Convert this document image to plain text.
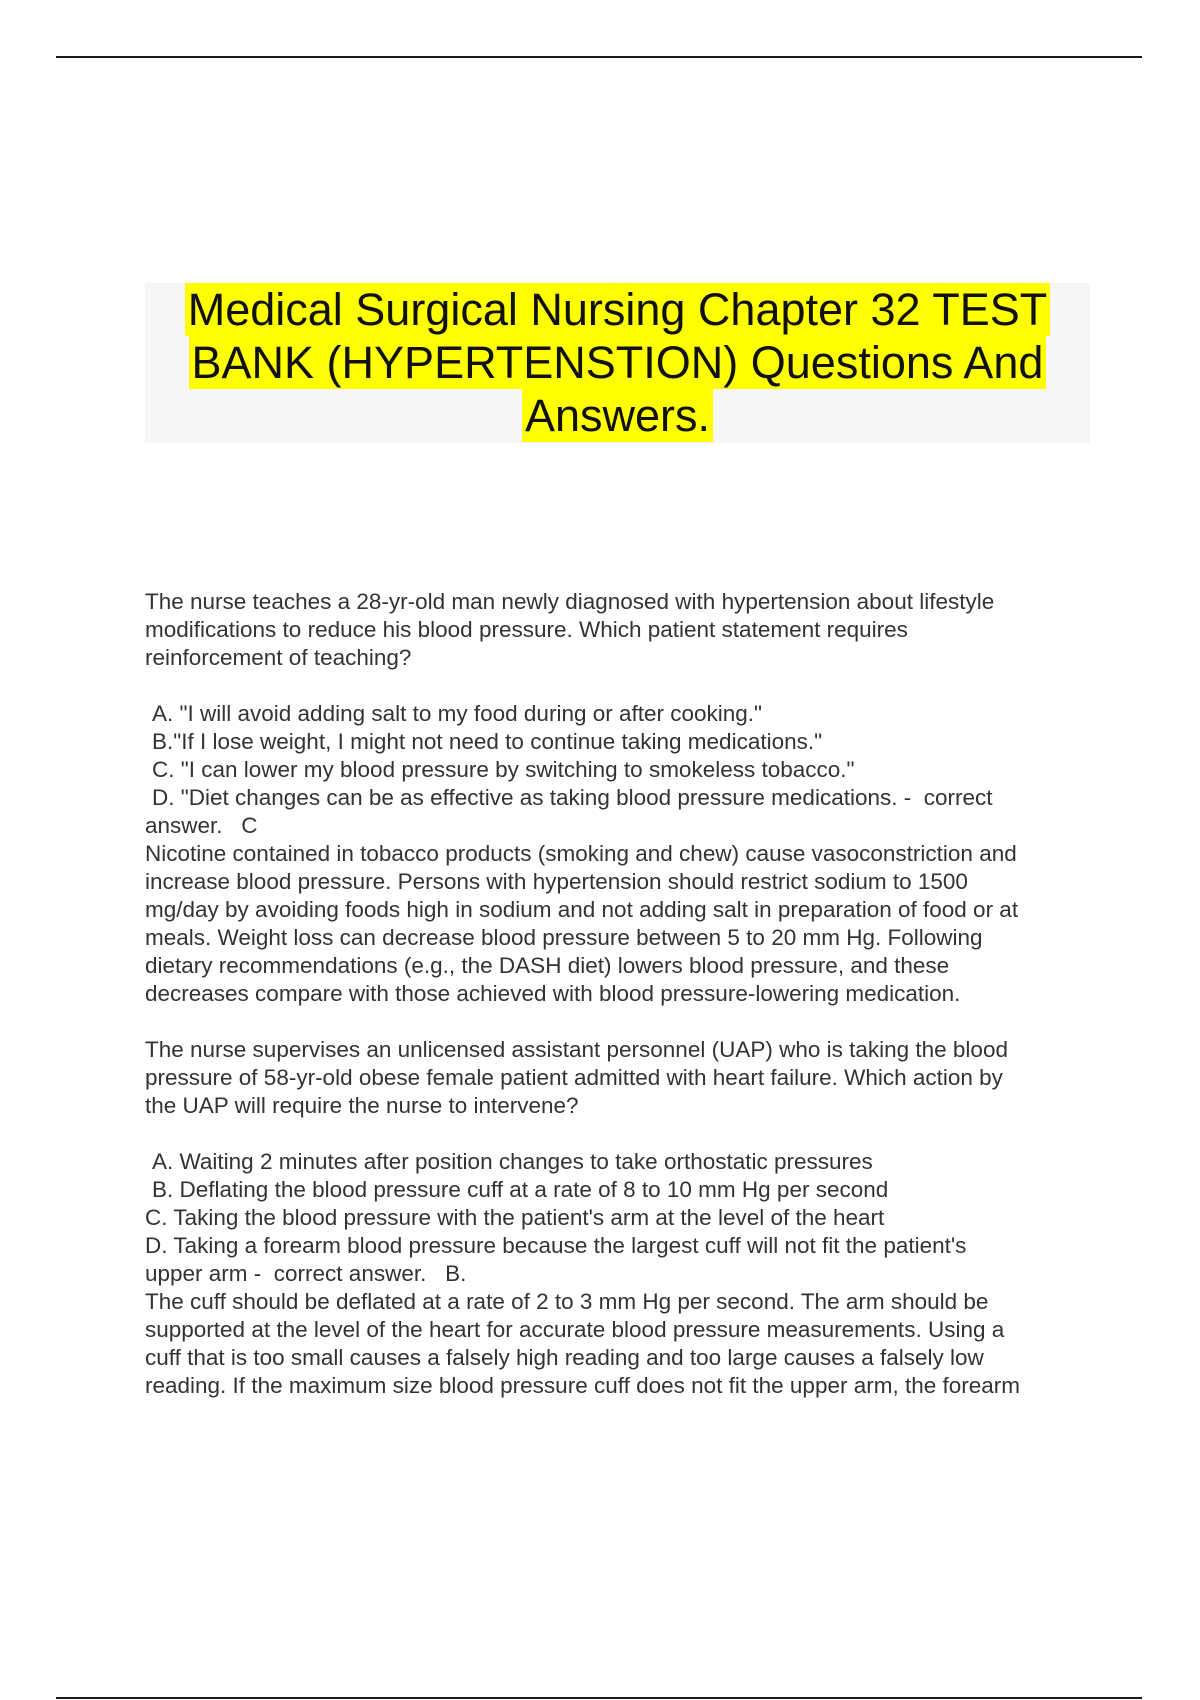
Medical Surgical Nursing Chapter 32 TEST
BANK (HYPERTENSTION) Questions And
Answers.

The nurse teaches a 28-yr-old man newly diagnosed with hypertension about lifestyle

modifications to reduce his blood pressure. Which patient statement requires

reinforcement of teaching?

A. "I will avoid adding salt to my food during or after cooking."

B."If I lose weight, I might not need to continue taking medications."

C. "I can lower my blood pressure by switching to smokeless tobacco."

D. "Diet changes can be as effective as taking blood pressure medications. -  correct

answer.   C

Nicotine contained in tobacco products (smoking and chew) cause vasoconstriction and

increase blood pressure. Persons with hypertension should restrict sodium to 1500

mg/day by avoiding foods high in sodium and not adding salt in preparation of food or at

meals. Weight loss can decrease blood pressure between 5 to 20 mm Hg. Following

dietary recommendations (e.g., the DASH diet) lowers blood pressure, and these

decreases compare with those achieved with blood pressure-lowering medication.

The nurse supervises an unlicensed assistant personnel (UAP) who is taking the blood

pressure of 58-yr-old obese female patient admitted with heart failure. Which action by

the UAP will require the nurse to intervene?

A. Waiting 2 minutes after position changes to take orthostatic pressures

B. Deflating the blood pressure cuff at a rate of 8 to 10 mm Hg per second

C. Taking the blood pressure with the patient's arm at the level of the heart

D. Taking a forearm blood pressure because the largest cuff will not fit the patient's

upper arm -  correct answer.   B.

The cuff should be deflated at a rate of 2 to 3 mm Hg per second. The arm should be

supported at the level of the heart for accurate blood pressure measurements. Using a

cuff that is too small causes a falsely high reading and too large causes a falsely low

reading. If the maximum size blood pressure cuff does not fit the upper arm, the forearm
